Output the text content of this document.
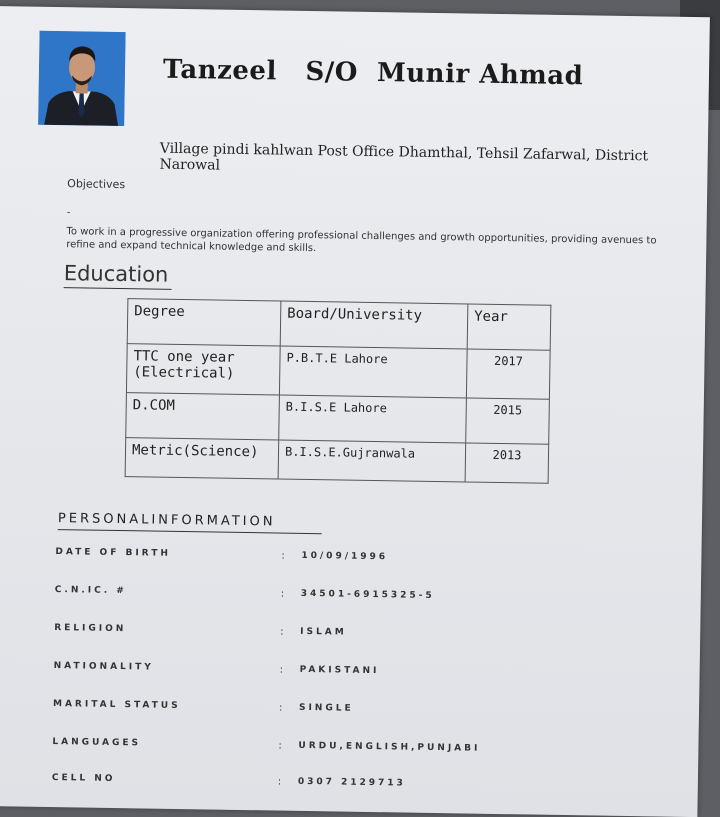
Tanzeel   S/O  Munir Ahmad
Village pindi kahlwan Post Office Dhamthal, Tehsil Zafarwal, District Narowal
Objectives
-
To work in a progressive organization offering professional challenges and growth opportunities, providing avenues to refine and expand technical knowledge and skills.
Education
Degree	Board/University	Year
TTC one year (Electrical)	P.B.T.E Lahore	2017
D.COM	B.I.S.E Lahore	2015
Metric(Science)	B.I.S.E.Gujranwala	2013
PERSONALINFORMATION
DATE OF BIRTH	: 10/09/1996
C.N.IC. #	: 34501-6915325-5
RELIGION	: ISLAM
NATIONALITY	: PAKISTANI
MARITAL STATUS	: SINGLE
LANGUAGES	: URDU,ENGLISH,PUNJABI
CELL NO	: 0307 2129713
